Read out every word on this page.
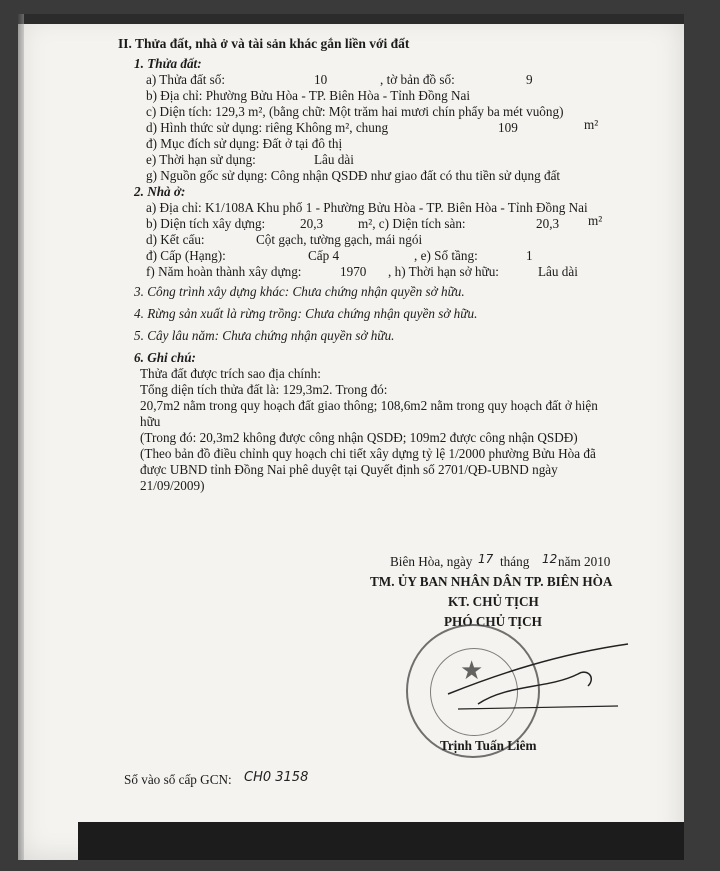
II. Thửa đất, nhà ở và tài sản khác gắn liền với đất
1. Thửa đất:
a) Thửa đất số:	10	, tờ bản đồ số:	9
b) Địa chỉ: Phường Bửu Hòa - TP. Biên Hòa - Tỉnh Đồng Nai
c) Diện tích: 129,3 m², (bằng chữ: Một trăm hai mươi chín phẩy ba mét vuông)
d) Hình thức sử dụng: riêng Không m², chung	109	m²
đ) Mục đích sử dụng: Đất ở tại đô thị
e) Thời hạn sử dụng:	Lâu dài
g) Nguồn gốc sử dụng: Công nhận QSDĐ như giao đất có thu tiền sử dụng đất
2. Nhà ở:
a) Địa chỉ: K1/108A Khu phố 1 - Phường Bửu Hòa - TP. Biên Hòa - Tỉnh Đồng Nai
b) Diện tích xây dựng:	20,3	m², c) Diện tích sàn:	20,3 m²
d) Kết cấu:	Cột gạch, tường gạch, mái ngói
đ) Cấp (Hạng):	Cấp 4	, e) Số tầng:	1
f) Năm hoàn thành xây dựng:	1970 , h) Thời hạn sở hữu:	Lâu dài
3. Công trình xây dựng khác: Chưa chứng nhận quyền sở hữu.
4. Rừng sản xuất là rừng trồng: Chưa chứng nhận quyền sở hữu.
5. Cây lâu năm: Chưa chứng nhận quyền sở hữu.
6. Ghi chú:
Thửa đất được trích sao địa chính:
Tổng diện tích thửa đất là: 129,3m2. Trong đó:
20,7m2 nằm trong quy hoạch đất giao thông; 108,6m2 nằm trong quy hoạch đất ở hiện
hữu
(Trong đó: 20,3m2 không được công nhận QSDĐ; 109m2 được công nhận QSDĐ)
(Theo bản đồ điều chỉnh quy hoạch chi tiết xây dựng tỷ lệ 1/2000 phường Bửu Hòa đã
được UBND tỉnh Đồng Nai phê duyệt tại Quyết định số 2701/QĐ-UBND ngày
21/09/2009)
Biên Hòa, ngày 17 tháng 12 năm 2010
TM. ỦY BAN NHÂN DÂN TP. BIÊN HÒA
KT. CHỦ TỊCH
PHÓ CHỦ TỊCH
★
Trịnh Tuấn Liêm
Số vào sổ cấp GCN: CH0 3158
